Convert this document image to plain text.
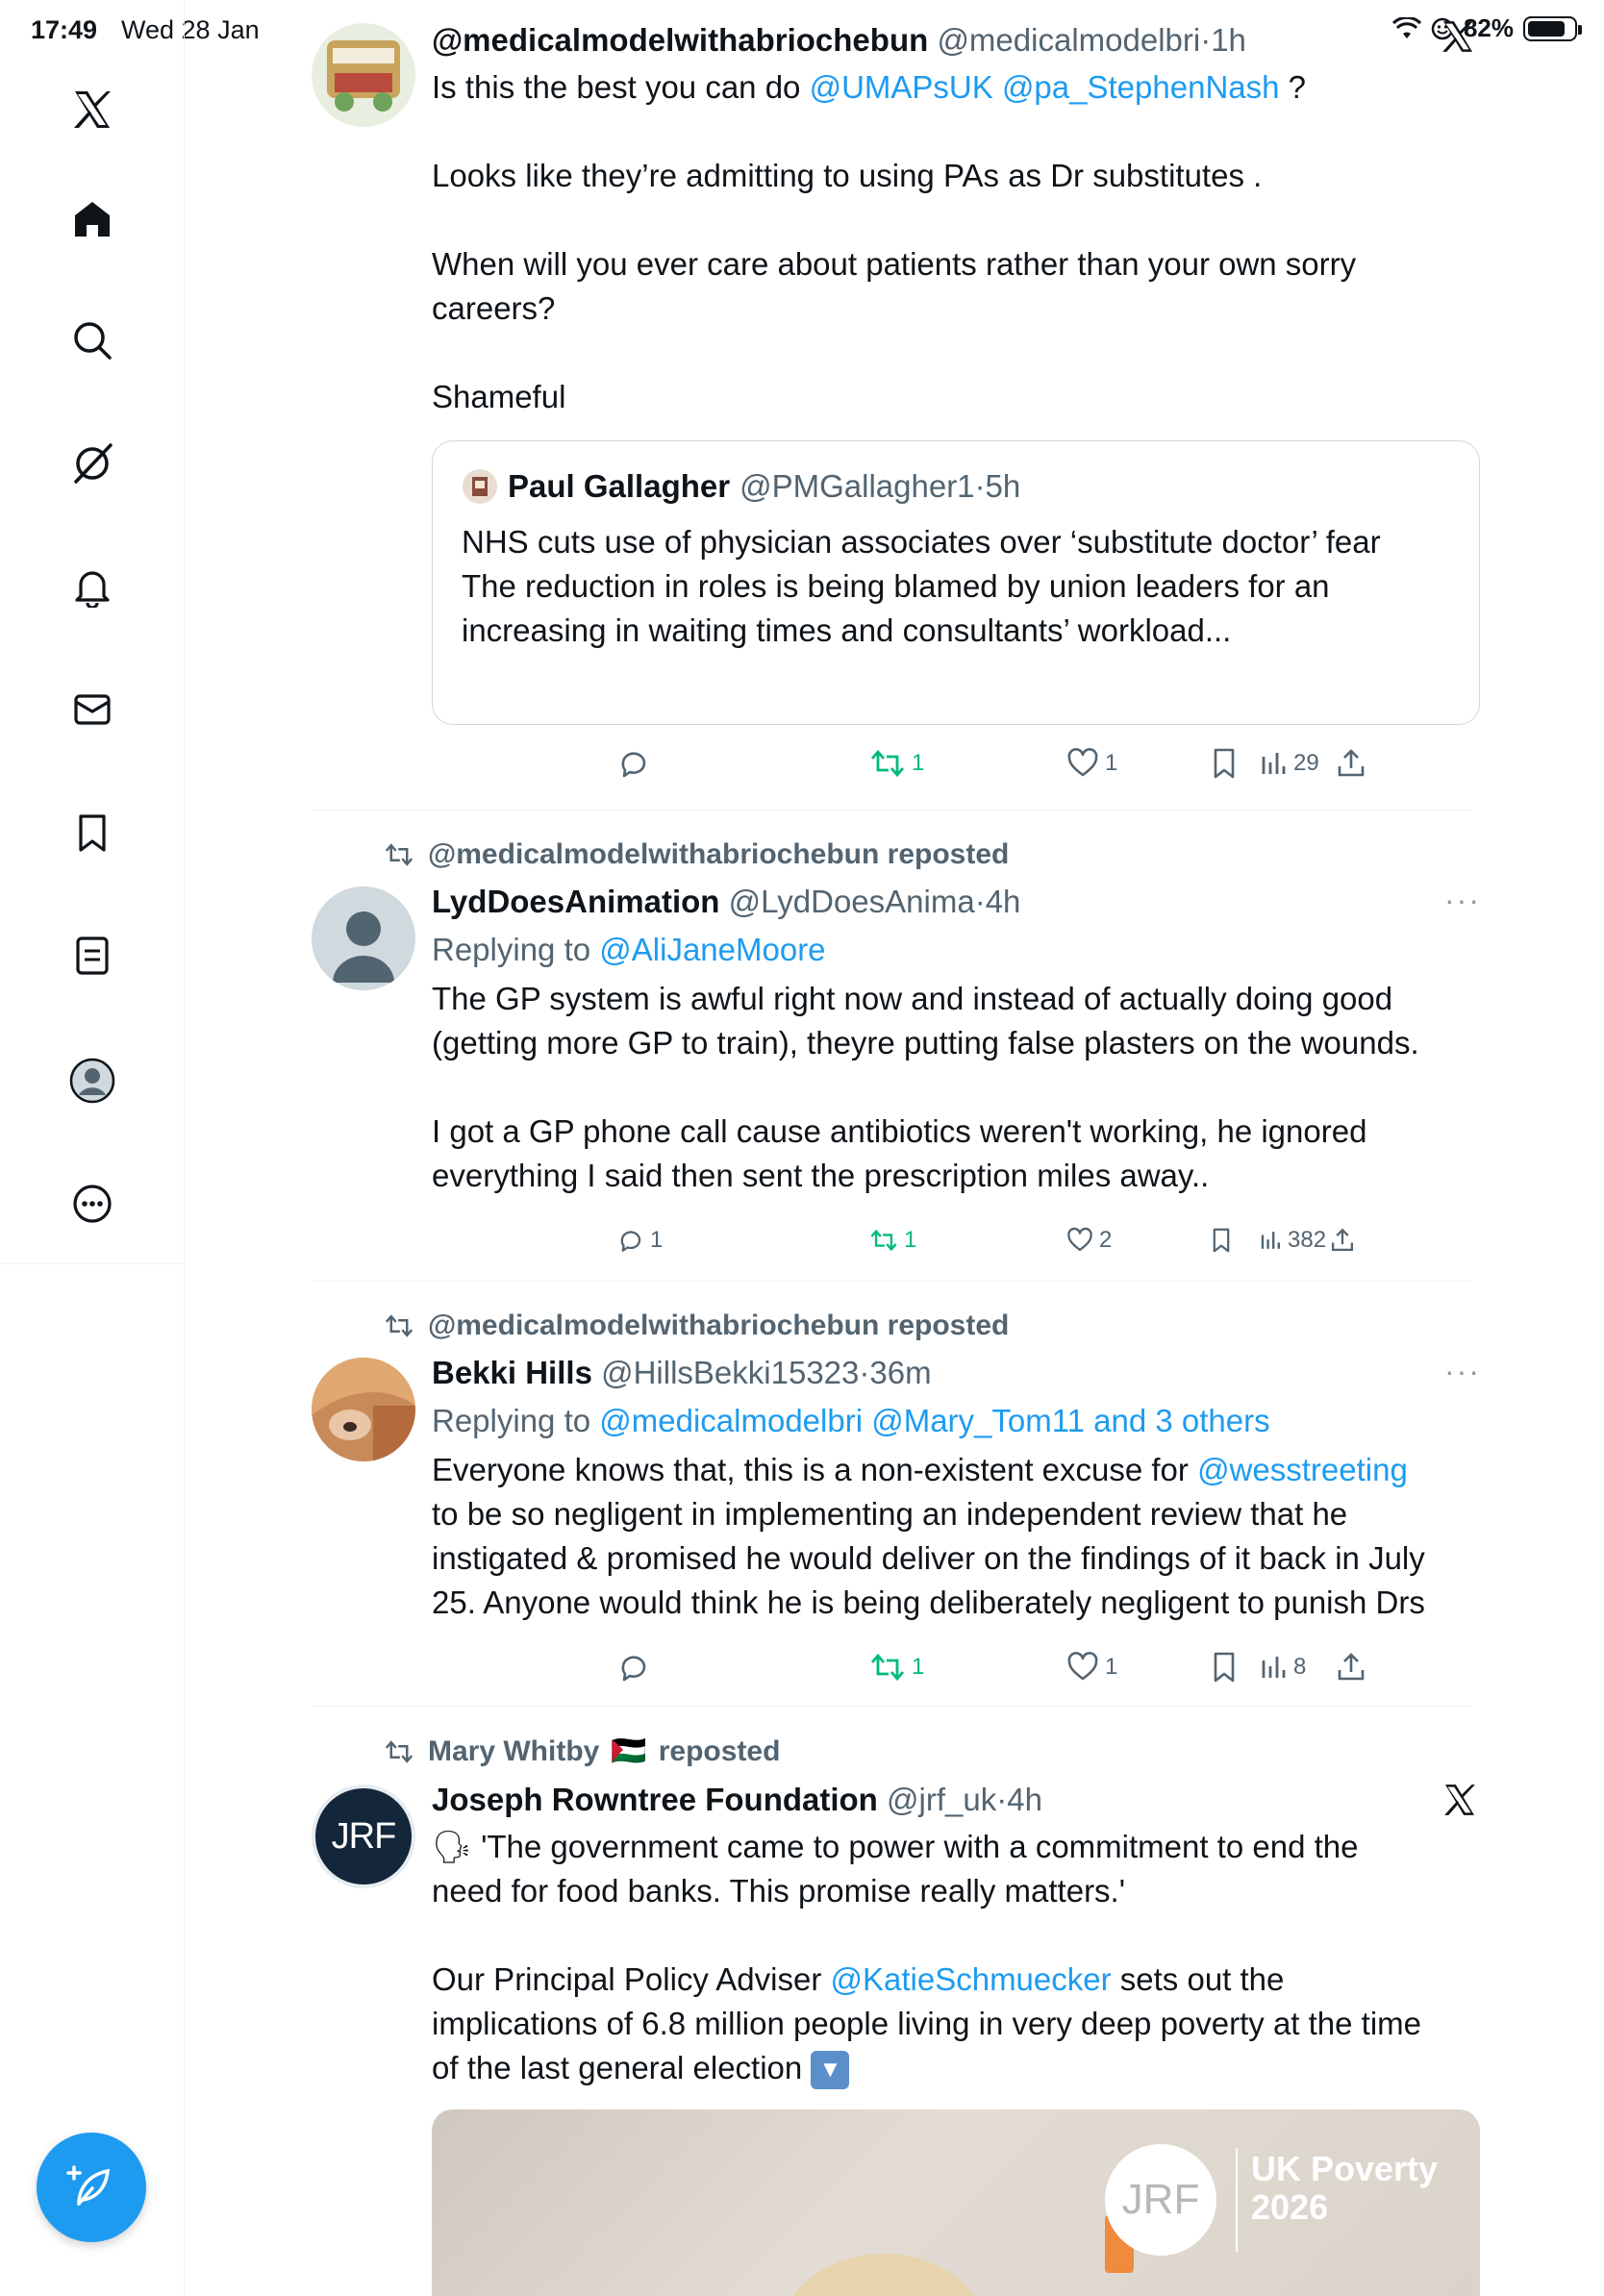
17:49 Wed 28 Jan	82%
@medicalmodelwithabriochebun @medicalmodelbri·1h

Is this the best you can do @UMAPsUK @pa_StephenNash ?

Looks like they’re admitting to using PAs as Dr substitutes .

When will you ever care about patients rather than your own sorry

careers?

Shameful

Paul Gallagher @PMGallagher1·5h

NHS cuts use of physician associates over ‘substitute doctor’ fear

The reduction in roles is being blamed by union leaders for an

increasing in waiting times and consultants’ workload...

1	1	29
@medicalmodelwithabriochebun reposted
···
LydDoesAnimation @LydDoesAnima·4h
Replying to @AliJaneMoore

The GP system is awful right now and instead of actually doing good

(getting more GP to train), theyre putting false plasters on the wounds.

I got a GP phone call cause antibiotics weren't working, he ignored

everything I said then sent the prescription miles away..

1	1	2	382
@medicalmodelwithabriochebun reposted
···
Bekki Hills @HillsBekki15323·36m
Replying to @medicalmodelbri @Mary_Tom11 and 3 others

Everyone knows that, this is a non-existent excuse for @wesstreeting

to be so negligent in implementing an independent review that he

instigated & promised he would deliver on the findings of it back in July

25. Anyone would think he is being deliberately negligent to punish Drs

1	1	8
Mary Whitby 🇵🇸 reposted
JRF
Joseph Rowntree Foundation @jrf_uk·4h

🗣 'The government came to power with a commitment to end the

need for food banks. This promise really matters.'

Our Principal Policy Adviser @KatieSchmuecker sets out the

implications of 6.8 million people living in very deep poverty at the time

of the last general election ▼

JRF
UK Poverty
2026
